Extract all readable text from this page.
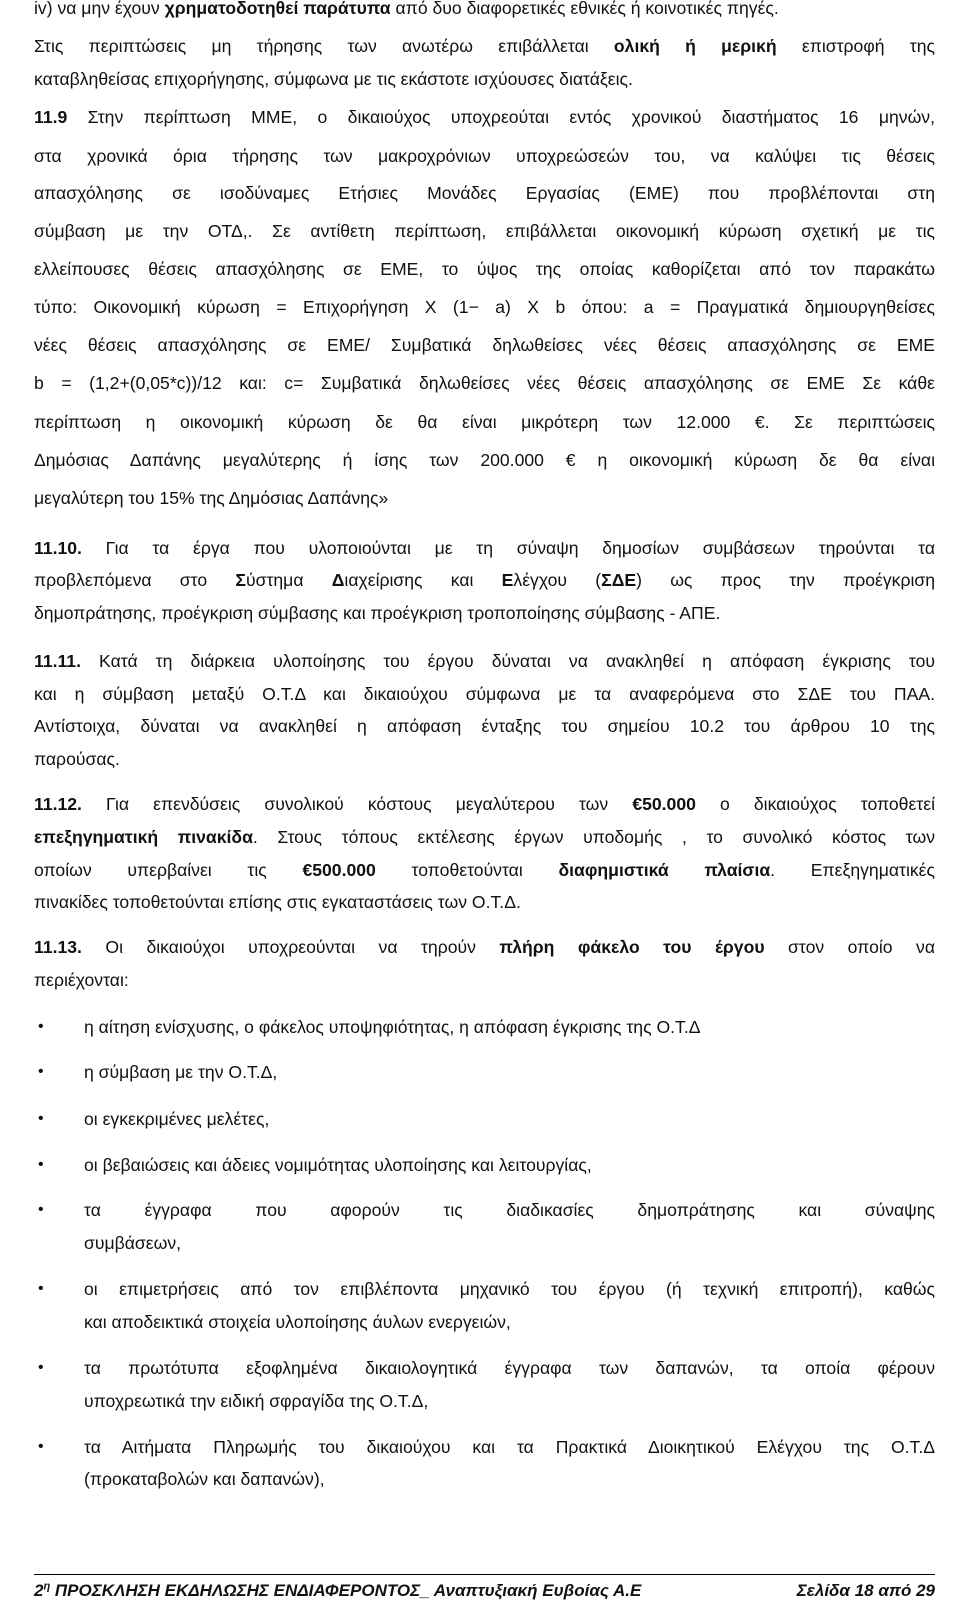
iv) να μην έχουν χρηματοδοτηθεί παράτυπα από δυο διαφορετικές εθνικές ή κοινοτικές πηγές.
Στις περιπτώσεις μη τήρησης των ανωτέρω επιβάλλεται ολική ή μερική επιστροφή της
καταβληθείσας επιχορήγησης, σύμφωνα με τις εκάστοτε ισχύουσες διατάξεις.
11.9 Στην περίπτωση ΜΜΕ, ο δικαιούχος υποχρεούται εντός χρονικού διαστήματος 16 μηνών,
στα χρονικά όρια τήρησης των μακροχρόνιων υποχρεώσεών του, να καλύψει τις θέσεις
απασχόλησης σε ισοδύναμες Ετήσιες Μονάδες Εργασίας (ΕΜΕ) που προβλέπονται στη
σύμβαση με την ΟΤΔ,. Σε αντίθετη περίπτωση, επιβάλλεται οικονομική κύρωση σχετική με τις
ελλείπουσες θέσεις απασχόλησης σε ΕΜΕ, το ύψος της οποίας καθορίζεται από τον παρακάτω
τύπο: Οικονομική κύρωση = Επιχορήγηση Χ (1− a) X b όπου: a = Πραγματικά δημιουργηθείσες
νέες θέσεις απασχόλησης σε ΕΜΕ/ Συμβατικά δηλωθείσες νέες θέσεις απασχόλησης σε ΕΜΕ
b = (1,2+(0,05*c))/12 και: c= Συμβατικά δηλωθείσες νέες θέσεις απασχόλησης σε ΕΜΕ Σε κάθε
περίπτωση η οικονομική κύρωση δε θα είναι μικρότερη των 12.000 €. Σε περιπτώσεις
Δημόσιας Δαπάνης μεγαλύτερης ή ίσης των 200.000 € η οικονομική κύρωση δε θα είναι
μεγαλύτερη του 15% της Δημόσιας Δαπάνης»
11.10. Για τα έργα που υλοποιούνται με τη σύναψη δημοσίων συμβάσεων τηρούνται τα
προβλεπόμενα στο Σύστημα Διαχείρισης και Ελέγχου (ΣΔΕ) ως προς την προέγκριση
δημοπράτησης, προέγκριση σύμβασης και προέγκριση τροποποίησης σύμβασης - ΑΠΕ.
11.11. Κατά τη διάρκεια υλοποίησης του έργου δύναται να ανακληθεί η απόφαση έγκρισης του
και η σύμβαση μεταξύ Ο.Τ.Δ και δικαιούχου σύμφωνα με τα αναφερόμενα στο ΣΔΕ του ΠΑΑ.
Αντίστοιχα, δύναται να ανακληθεί η απόφαση ένταξης του σημείου 10.2 του άρθρου 10 της
παρούσας.
11.12. Για επενδύσεις συνολικού κόστους μεγαλύτερου των €50.000 ο δικαιούχος τοποθετεί
επεξηγηματική πινακίδα. Στους τόπους εκτέλεσης έργων υποδομής , το συνολικό κόστος των
οποίων υπερβαίνει τις €500.000 τοποθετούνται διαφημιστικά πλαίσια. Επεξηγηματικές
πινακίδες τοποθετούνται επίσης στις εγκαταστάσεις των Ο.Τ.Δ.
11.13. Οι δικαιούχοι υποχρεούνται να τηρούν πλήρη φάκελο του έργου στον οποίο να
περιέχονται:
•	η αίτηση ενίσχυσης, ο φάκελος υποψηφιότητας, η απόφαση έγκρισης της Ο.Τ.Δ
•	η σύμβαση με την Ο.Τ.Δ,
•	οι εγκεκριμένες μελέτες,
•	οι βεβαιώσεις και άδειες νομιμότητας υλοποίησης και λειτουργίας,
•	τα έγγραφα που αφορούν τις διαδικασίες δημοπράτησης και σύναψης
συμβάσεων,
•	οι επιμετρήσεις από τον επιβλέποντα μηχανικό του έργου (ή τεχνική επιτροπή), καθώς
και αποδεικτικά στοιχεία υλοποίησης άυλων ενεργειών,
•	τα πρωτότυπα εξοφλημένα δικαιολογητικά έγγραφα των δαπανών, τα οποία φέρουν
υποχρεωτικά την ειδική σφραγίδα της Ο.Τ.Δ,
•	τα Αιτήματα Πληρωμής του δικαιούχου και τα Πρακτικά Διοικητικού Ελέγχου της Ο.Τ.Δ
(προκαταβολών και δαπανών),
$2^\eta$ ΠΡΟΣΚΛΗΣΗ ΕΚΔΗΛΩΣΗΣ ΕΝΔΙΑΦΕΡΟΝΤΟΣ_ Αναπτυξιακή Ευβοίας Α.Ε	Σελίδα 18 από 29
